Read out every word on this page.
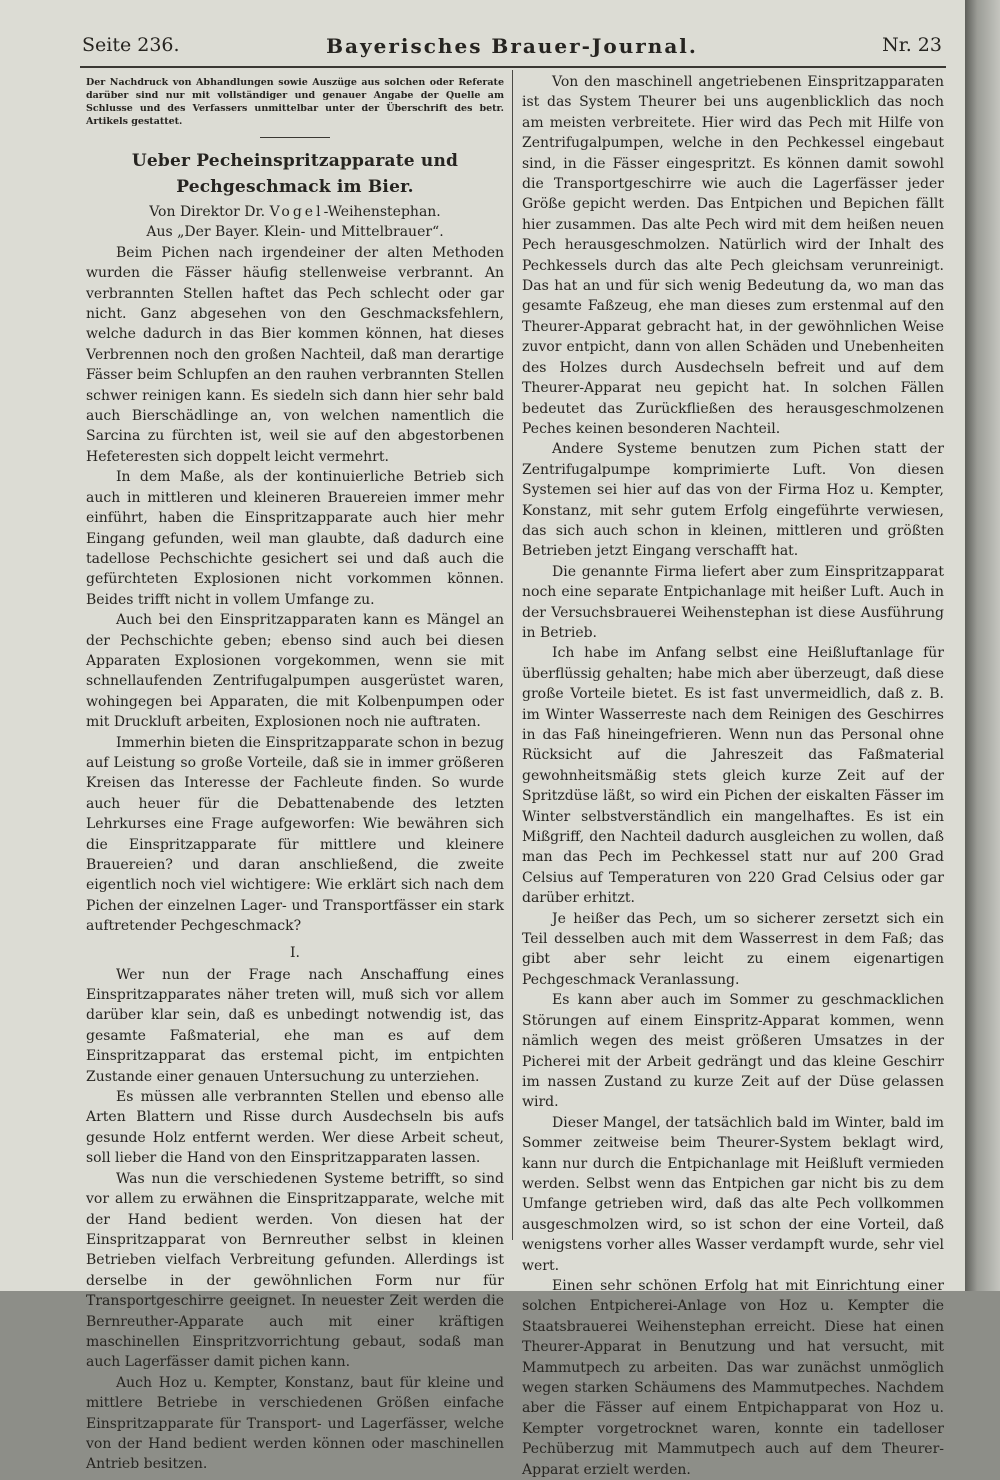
Seite 236.	Bayerisches Brauer-Journal.	Nr. 23
Der Nachdruck von Abhandlungen sowie Auszüge aus solchen oder Referate darüber sind nur mit vollständiger und genauer Angabe der Quelle am Schlusse und des Verfassers unmittelbar unter der Überschrift des betr. Artikels gestattet.
Ueber Pecheinspritzapparate und Pechgeschmack im Bier.
Von Direktor Dr. Vogel-Weihenstephan.
Aus „Der Bayer. Klein- und Mittelbrauer“.

Beim Pichen nach irgendeiner der alten Methoden wurden die Fässer häufig stellenweise verbrannt. An verbrannten Stellen haftet das Pech schlecht oder gar nicht. Ganz abgesehen von den Geschmacksfehlern, welche dadurch in das Bier kommen können, hat dieses Verbrennen noch den großen Nachteil, daß man derartige Fässer beim Schlupfen an den rauhen verbrannten Stellen schwer reinigen kann. Es siedeln sich dann hier sehr bald auch Bierschädlinge an, von welchen namentlich die Sarcina zu fürchten ist, weil sie auf den abgestorbenen Hefeteresten sich doppelt leicht vermehrt.

In dem Maße, als der kontinuierliche Betrieb sich auch in mittleren und kleineren Brauereien immer mehr einführt, haben die Einspritzapparate auch hier mehr Eingang gefunden, weil man glaubte, daß dadurch eine tadellose Pechschichte gesichert sei und daß auch die gefürchteten Explosionen nicht vorkommen können. Beides trifft nicht in vollem Umfange zu.

Auch bei den Einspritzapparaten kann es Mängel an der Pechschichte geben; ebenso sind auch bei diesen Apparaten Explosionen vorgekommen, wenn sie mit schnellaufenden Zentrifugalpumpen ausgerüstet waren, wohingegen bei Apparaten, die mit Kolbenpumpen oder mit Druckluft arbeiten, Explosionen noch nie auftraten.

Immerhin bieten die Einspritzapparate schon in bezug auf Leistung so große Vorteile, daß sie in immer größeren Kreisen das Interesse der Fachleute finden. So wurde auch heuer für die Debattenabende des letzten Lehrkurses eine Frage aufgeworfen: Wie bewähren sich die Einspritzapparate für mittlere und kleinere Brauereien? und daran anschließend, die zweite eigentlich noch viel wichtigere: Wie erklärt sich nach dem Pichen der einzelnen Lager- und Transportfässer ein stark auftretender Pechgeschmack?

I.

Wer nun der Frage nach Anschaffung eines Einspritzapparates näher treten will, muß sich vor allem darüber klar sein, daß es unbedingt notwendig ist, das gesamte Faßmaterial, ehe man es auf dem Einspritzapparat das erstemal picht, im entpichten Zustande einer genauen Untersuchung zu unterziehen.

Es müssen alle verbrannten Stellen und ebenso alle Arten Blattern und Risse durch Ausdechseln bis aufs gesunde Holz entfernt werden. Wer diese Arbeit scheut, soll lieber die Hand von den Einspritzapparaten lassen.

Was nun die verschiedenen Systeme betrifft, so sind vor allem zu erwähnen die Einspritzapparate, welche mit der Hand bedient werden. Von diesen hat der Einspritzapparat von Bernreuther selbst in kleinen Betrieben vielfach Verbreitung gefunden. Allerdings ist derselbe in der gewöhnlichen Form nur für Transportgeschirre geeignet. In neuester Zeit werden die Bernreuther-Apparate auch mit einer kräftigen maschinellen Einspritzvorrichtung gebaut, sodaß man auch Lagerfässer damit pichen kann.

Auch Hoz u. Kempter, Konstanz, baut für kleine und mittlere Betriebe in verschiedenen Größen einfache Einspritzapparate für Transport- und Lagerfässer, welche von der Hand bedient werden können oder maschinellen Antrieb besitzen.

Von den maschinell angetriebenen Einspritzapparaten ist das System Theurer bei uns augenblicklich das noch am meisten verbreitete. Hier wird das Pech mit Hilfe von Zentrifugalpumpen, welche in den Pechkessel eingebaut sind, in die Fässer eingespritzt. Es können damit sowohl die Transportgeschirre wie auch die Lagerfässer jeder Größe gepicht werden. Das Entpichen und Bepichen fällt hier zusammen. Das alte Pech wird mit dem heißen neuen Pech herausgeschmolzen. Natürlich wird der Inhalt des Pechkessels durch das alte Pech gleichsam verunreinigt. Das hat an und für sich wenig Bedeutung da, wo man das gesamte Faßzeug, ehe man dieses zum erstenmal auf den Theurer-Apparat gebracht hat, in der gewöhnlichen Weise zuvor entpicht, dann von allen Schäden und Unebenheiten des Holzes durch Ausdechseln befreit und auf dem Theurer-Apparat neu gepicht hat. In solchen Fällen bedeutet das Zurückfließen des herausgeschmolzenen Peches keinen besonderen Nachteil.

Andere Systeme benutzen zum Pichen statt der Zentrifugalpumpe komprimierte Luft. Von diesen Systemen sei hier auf das von der Firma Hoz u. Kempter, Konstanz, mit sehr gutem Erfolg eingeführte verwiesen, das sich auch schon in kleinen, mittleren und größten Betrieben jetzt Eingang verschafft hat.

Die genannte Firma liefert aber zum Einspritzapparat noch eine separate Entpichanlage mit heißer Luft. Auch in der Versuchsbrauerei Weihenstephan ist diese Ausführung in Betrieb.

Ich habe im Anfang selbst eine Heißluftanlage für überflüssig gehalten; habe mich aber überzeugt, daß diese große Vorteile bietet. Es ist fast unvermeidlich, daß z. B. im Winter Wasserreste nach dem Reinigen des Geschirres in das Faß hineingefrieren. Wenn nun das Personal ohne Rücksicht auf die Jahreszeit das Faßmaterial gewohnheitsmäßig stets gleich kurze Zeit auf der Spritzdüse läßt, so wird ein Pichen der eiskalten Fässer im Winter selbstverständlich ein mangelhaftes. Es ist ein Mißgriff, den Nachteil dadurch ausgleichen zu wollen, daß man das Pech im Pechkessel statt nur auf 200 Grad Celsius auf Temperaturen von 220 Grad Celsius oder gar darüber erhitzt.

Je heißer das Pech, um so sicherer zersetzt sich ein Teil desselben auch mit dem Wasserrest in dem Faß; das gibt aber sehr leicht zu einem eigenartigen Pechgeschmack Veranlassung.

Es kann aber auch im Sommer zu geschmacklichen Störungen auf einem Einspritz-Apparat kommen, wenn nämlich wegen des meist größeren Umsatzes in der Picherei mit der Arbeit gedrängt und das kleine Geschirr im nassen Zustand zu kurze Zeit auf der Düse gelassen wird.

Dieser Mangel, der tatsächlich bald im Winter, bald im Sommer zeitweise beim Theurer-System beklagt wird, kann nur durch die Entpichanlage mit Heißluft vermieden werden. Selbst wenn das Entpichen gar nicht bis zu dem Umfange getrieben wird, daß das alte Pech vollkommen ausgeschmolzen wird, so ist schon der eine Vorteil, daß wenigstens vorher alles Wasser verdampft wurde, sehr viel wert.

Einen sehr schönen Erfolg hat mit Einrichtung einer solchen Entpicherei-Anlage von Hoz u. Kempter die Staatsbrauerei Weihenstephan erreicht. Diese hat einen Theurer-Apparat in Benutzung und hat versucht, mit Mammutpech zu arbeiten. Das war zunächst unmöglich wegen starken Schäumens des Mammutpeches. Nachdem aber die Fässer auf einem Entpichapparat von Hoz u. Kempter vorgetrocknet waren, konnte ein tadelloser Pechüberzug mit Mammutpech auch auf dem Theurer-Apparat erzielt werden.
